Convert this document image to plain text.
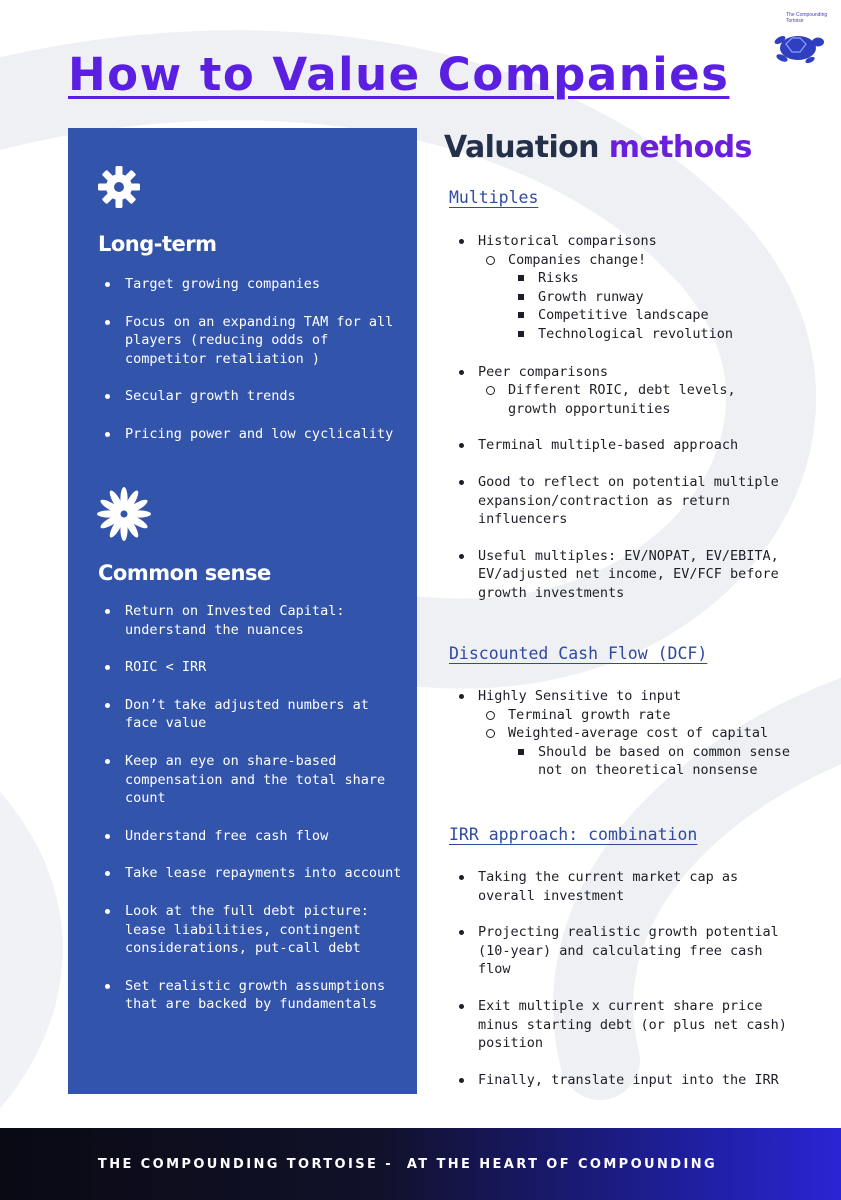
The Compounding Tortoise
How to Value Companies
Long-term
Target growing companies
Focus on an expanding TAM for all players (reducing odds of competitor retaliation )
Secular growth trends
Pricing power and low cyclicality
Common sense
Return on Invested Capital: understand the nuances
ROIC < IRR
Don’t take adjusted numbers at face value
Keep an eye on share-based compensation and the total share count
Understand free cash flow
Take lease repayments into account
Look at the full debt picture: lease liabilities, contingent considerations, put-call debt
Set realistic growth assumptions that are backed by fundamentals
Valuation methods
Multiples
Historical comparisons
Companies change!
Risks
Growth runway
Competitive landscape
Technological revolution
Peer comparisons
Different ROIC, debt levels, growth opportunities
Terminal multiple-based approach
Good to reflect on potential multiple expansion/contraction as return influencers
Useful multiples: EV/NOPAT, EV/EBITA, EV/adjusted net income, EV/FCF before growth investments
Discounted Cash Flow (DCF)
Highly Sensitive to input
Terminal growth rate
Weighted-average cost of capital
Should be based on common sense not on theoretical nonsense
IRR approach: combination
Taking the current market cap as overall investment
Projecting realistic growth potential (10-year) and calculating free cash flow
Exit multiple x current share price minus starting debt (or plus net cash) position
Finally, translate input into the IRR
THE COMPOUNDING TORTOISE -  AT THE HEART OF COMPOUNDING
